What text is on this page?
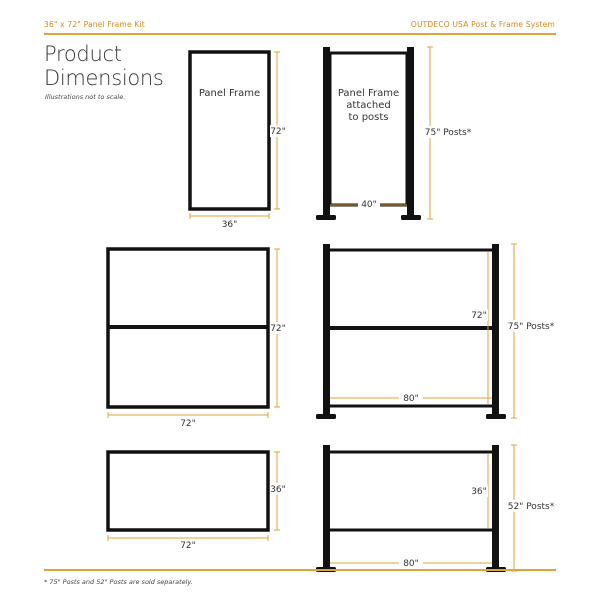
36" x 72" Panel Frame Kit	OUTDECO USA Post & Frame System
Product
Dimensions
Illustrations not to scale.	Panel Frame
72"
36"
Panel Frame
attached
to posts
40"
75" Posts*
72"
72"
72"
80"
75" Posts*
36"
72"
36"
80"
52" Posts*
* 75" Posts and 52" Posts are sold separately.
